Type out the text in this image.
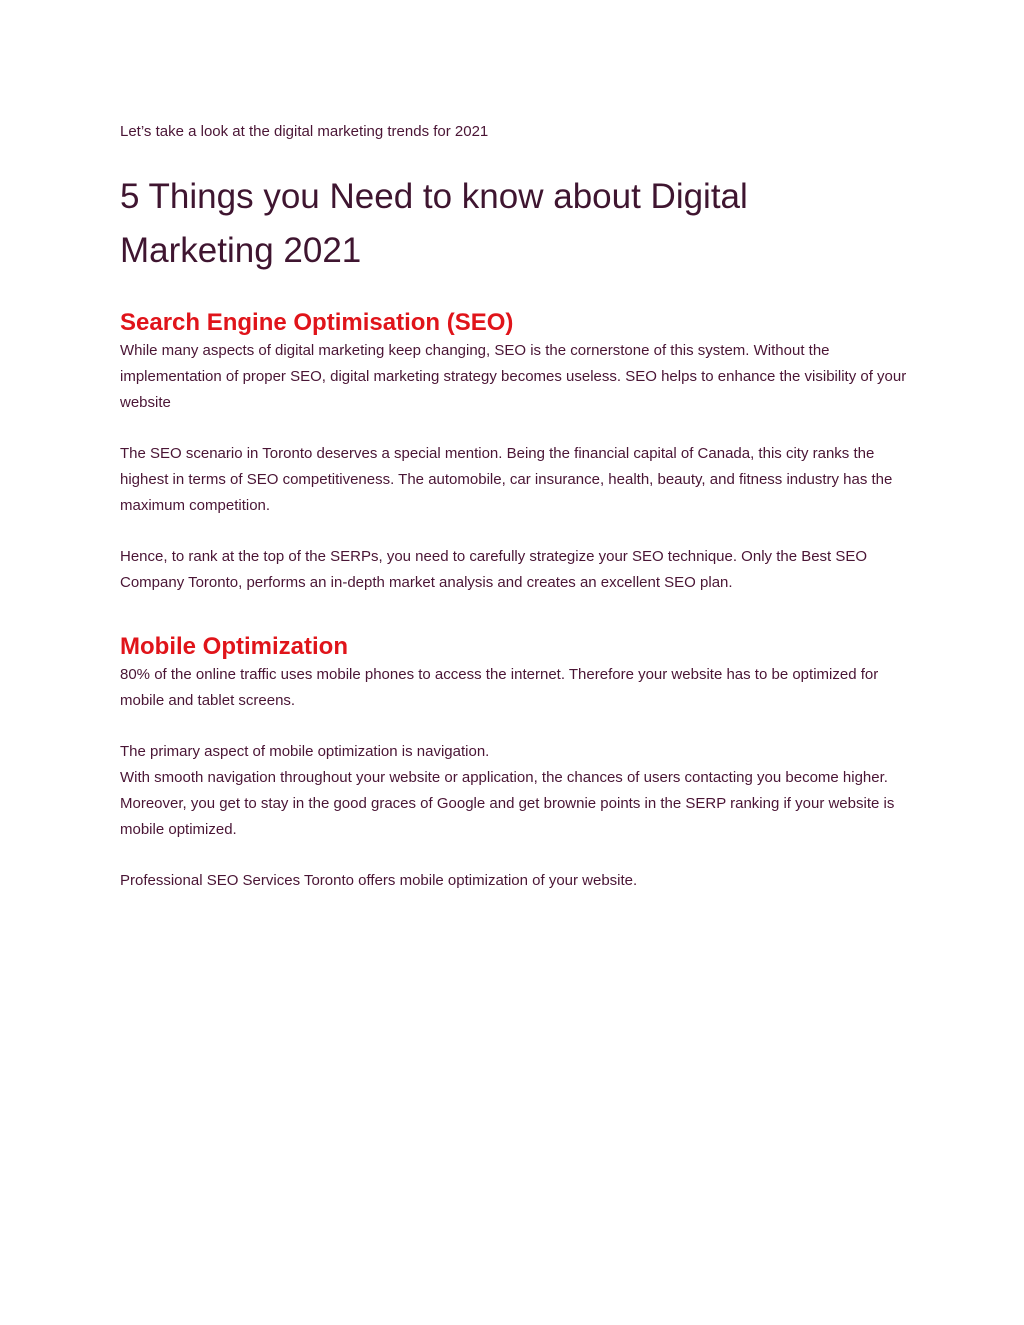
Let’s take a look at the digital marketing trends for 2021

5 Things you Need to know about Digital
Marketing 2021
Search Engine Optimisation (SEO)

While many aspects of digital marketing keep changing, SEO is the cornerstone of this system. Without the implementation of proper SEO, digital marketing strategy becomes useless. SEO helps to enhance the visibility of your website

The SEO scenario in Toronto deserves a special mention. Being the financial capital of Canada, this city ranks the highest in terms of SEO competitiveness. The automobile, car insurance, health, beauty, and fitness industry has the maximum competition.

Hence, to rank at the top of the SERPs, you need to carefully strategize your SEO technique. Only the Best SEO Company Toronto, performs an in-depth market analysis and creates an excellent SEO plan.

Mobile Optimization

80% of the online traffic uses mobile phones to access the internet. Therefore your website has to be optimized for mobile and tablet screens.

The primary aspect of mobile optimization is navigation.

With smooth navigation throughout your website or application, the chances of users contacting you become higher. Moreover, you get to stay in the good graces of Google and get brownie points in the SERP ranking if your website is mobile optimized.

Professional SEO Services Toronto offers mobile optimization of your website.
